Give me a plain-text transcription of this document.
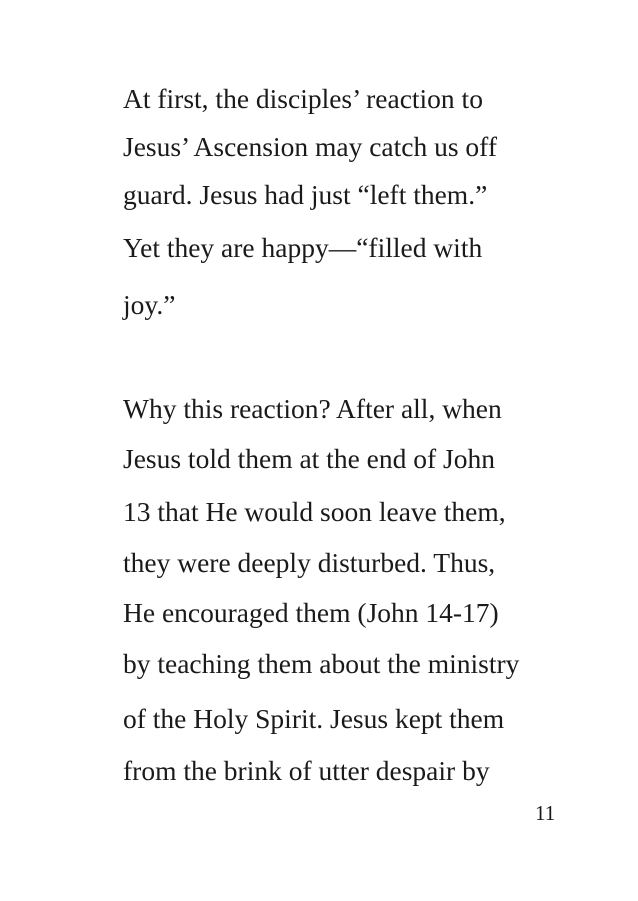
At first, the disciples’ reaction to

Jesus’ Ascension may catch us off

guard. Jesus had just “left them.”

Yet they are happy—“filled with

joy.”

Why this reaction? After all, when

Jesus told them at the end of John

13 that He would soon leave them,

they were deeply disturbed. Thus,

He encouraged them (John 14-17)

by teaching them about the ministry

of the Holy Spirit. Jesus kept them

from the brink of utter despair by

11
